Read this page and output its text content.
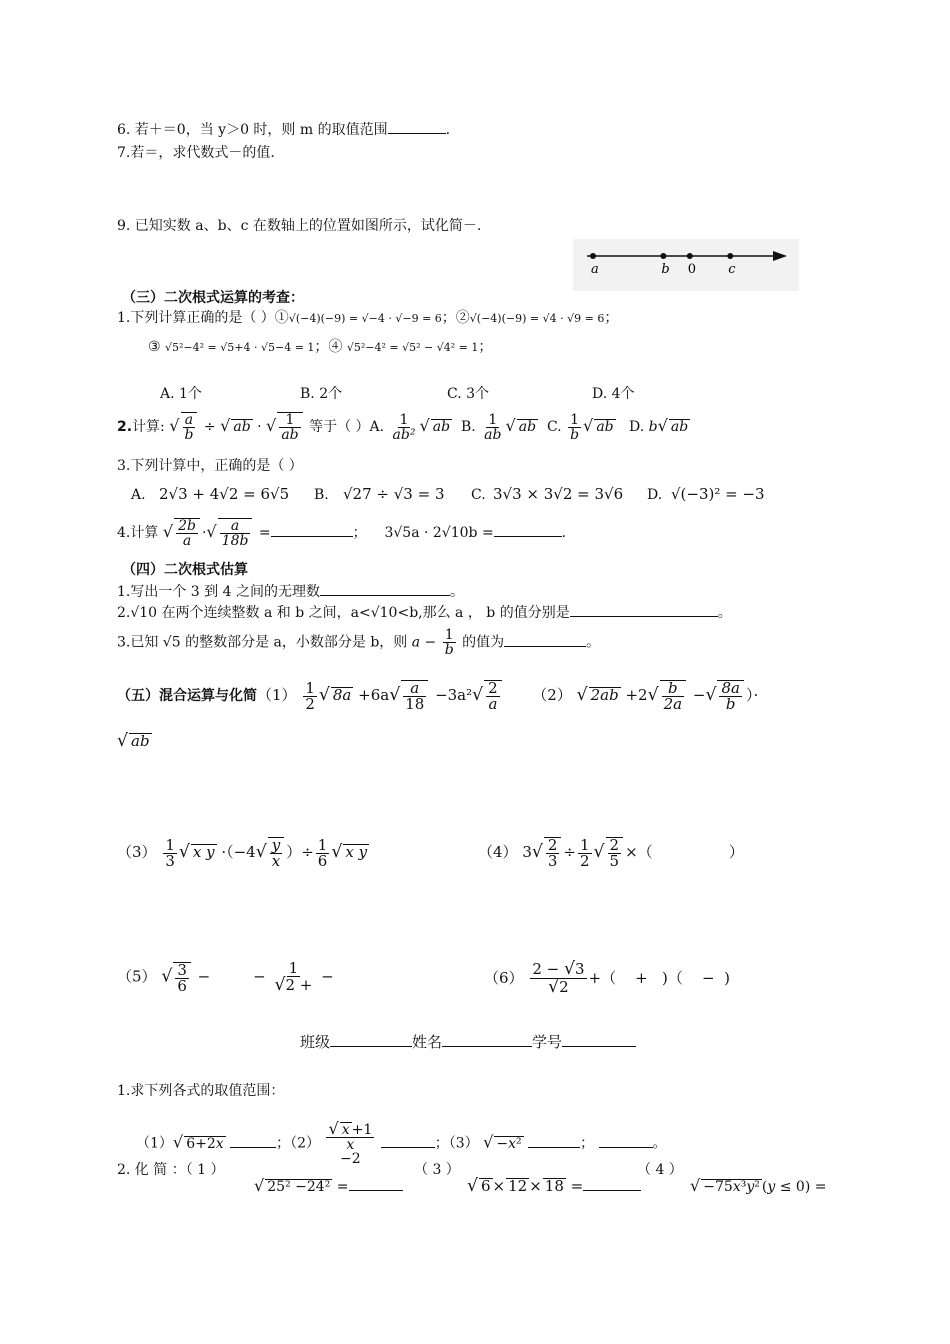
6. 若＋＝0，当 y＞0 时，则 m 的取值范围	.
7.若＝，求代数式－的值.
9. 已知实数 a、b、c 在数轴上的位置如图所示，试化简－.
a	b 0 c
（三）二次根式运算的考查：
1.下列计算正确的是（ ）①√(−4)(−9) = √−4 · √−9 = 6；②√(−4)(−9) = √4 · √9 = 6；
③ √5²−4² = √5+4 · √5−4 = 1；④ √5²−4² = √5² − √4² = 1；
A. 1个	B. 2个	C. 3个	D. 4个
2.计算: √ $\frac{a}{b}$ ÷ √ ab · √ $\frac{1}{ab}$ 等于（ ）A. $\frac{1}{\text{ab²}}$ √ ab B. $\frac{1}{ab}$ √ ab C. $\frac{1}{b}$ √ ab D. b√ ab
3.下列计算中，正确的是（ ）
A. 2√3 + 4√2 = 6√5 B. √27 ÷ √3 = 3 C. 3√3 × 3√2 = 3√6 D. √(−3)² = −3
4.计算 √ $\frac{2b}{a}$ ·√ $\frac{a}{18b}$ =	； 3√5a · 2√10b =	.
（四）二次根式估算
1.写出一个 3 到 4 之间的无理数	。
2.√10 在两个连续整数 a 和 b 之间，a<√10<b,那么 a ， b 的值分别是	。
3.已知 √5 的整数部分是 a，小数部分是 b，则 $a - \frac{1}{b}$ 的值为	。
（五）混合运算与化简$(1) \frac{1}{2}$ √ $8a +6a√ \frac{a}{18} -3a^2√ \frac{2}{a} (2)$ √ $2ab +2√ \frac{b}{2a}$ −√ $\frac{8a}{b}$ ）·
√ ab
$(3) \frac{1}{3}$ √ x $y \cdot(-4√ \frac{y}{x}$ ）÷ $\frac{1}{6}$ √ x y	（4） $3√ \frac{2}{3} \div \frac{1}{2}$ √ $\frac{2}{5}$ ×（                ）
（5） √ $\frac{3}{6}$ −         − $\frac{1}{√2 +}$ −	$(6) \frac{2 - √3}{√2}$ +（    +   )（    −  )
班级	姓名	学号
1.求下列各式的取值范围：
（1）√ 6+2x	；（2）
√ x +1
x
−2 ；（3） √ −x²	；	。
2. 化 简 ：（ 1 ）
√ 25² −24² =
（ 3 ）
√ 6 × 12 × 18 =
（ 4 ）
√ −75x³y² (y ≤ 0) =
